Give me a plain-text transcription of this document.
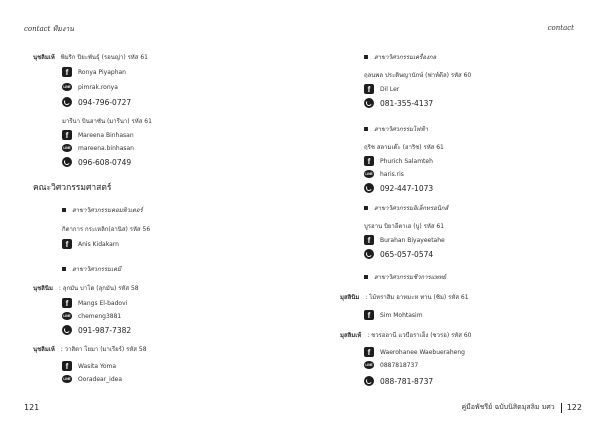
contact ทีมงาน
นุชลิมเห้ พิมริก ปิยะพันธุ์ (รอนญ่า) รหัส 61
f	Ronya Piyaphan
LINE pimrak.ronya
094-796-0727
มารีนา บินฮาซัน (มารีนา) รหัส 61
f	Mareena Binhasan
LINE mareena.binhasan
096-608-0749
คณะวิศวกรรมศาสตร์
สาขาวิศวกรรมคอมพิวเตอร์
กิตาการ กระเหลิก(อานิส) รหัส 56
f	Anis Kidakarn
สาขาวิศวกรรมเคมี
นุชลินิม : ลุกมัน บาโด (ลุกมัน) รหัส 58
f	Mangs El-badovi
LINE chemeng3881
091-987-7382
นุชลิมเห้ : วาสิตา โยมา (มาเรียร์) รหัส 58
f	Wasita Yoma
LINE Ooradear_idea
121
contact
สาขาวิศวกรรมเครื่องกล
ฤลนพล ประดิษญานักษ์ (ฟาห์ดีล) รหัส 60
f	Dil Ler
081-355-4137
สาขาวิศวกรรมไฟฟ้า
ฤริช สลามเต๊ะ (ฮาริช) รหัส 61
f	Phurich Salamteh
LINE haris.ris
092-447-1073
สาขาวิศวกรรมอิเล็กทรอนิกส์
บูรฮาน บิยาอีตาเฮ (บู) รหัส 61
f	Burahan Biyayeetahe
065-057-0574
สาขาวิศวกรรมชีวการแพทย์
มุสลินิม : ไม้หราสิม อาหมะห ทาน (ซิม) รหัส 61
f	Sim Mohtasim
มุสลิมเห้ : ชวรอฮานี แวบือราเฮ็ง (ชวรอ) รหัส 60
f	Waerohanee Waebueraheng
LINE 0887818737
088-781-8737
คู่มือพัชรีย์ ฉบับนิสิตมุสลิม มศว 122
